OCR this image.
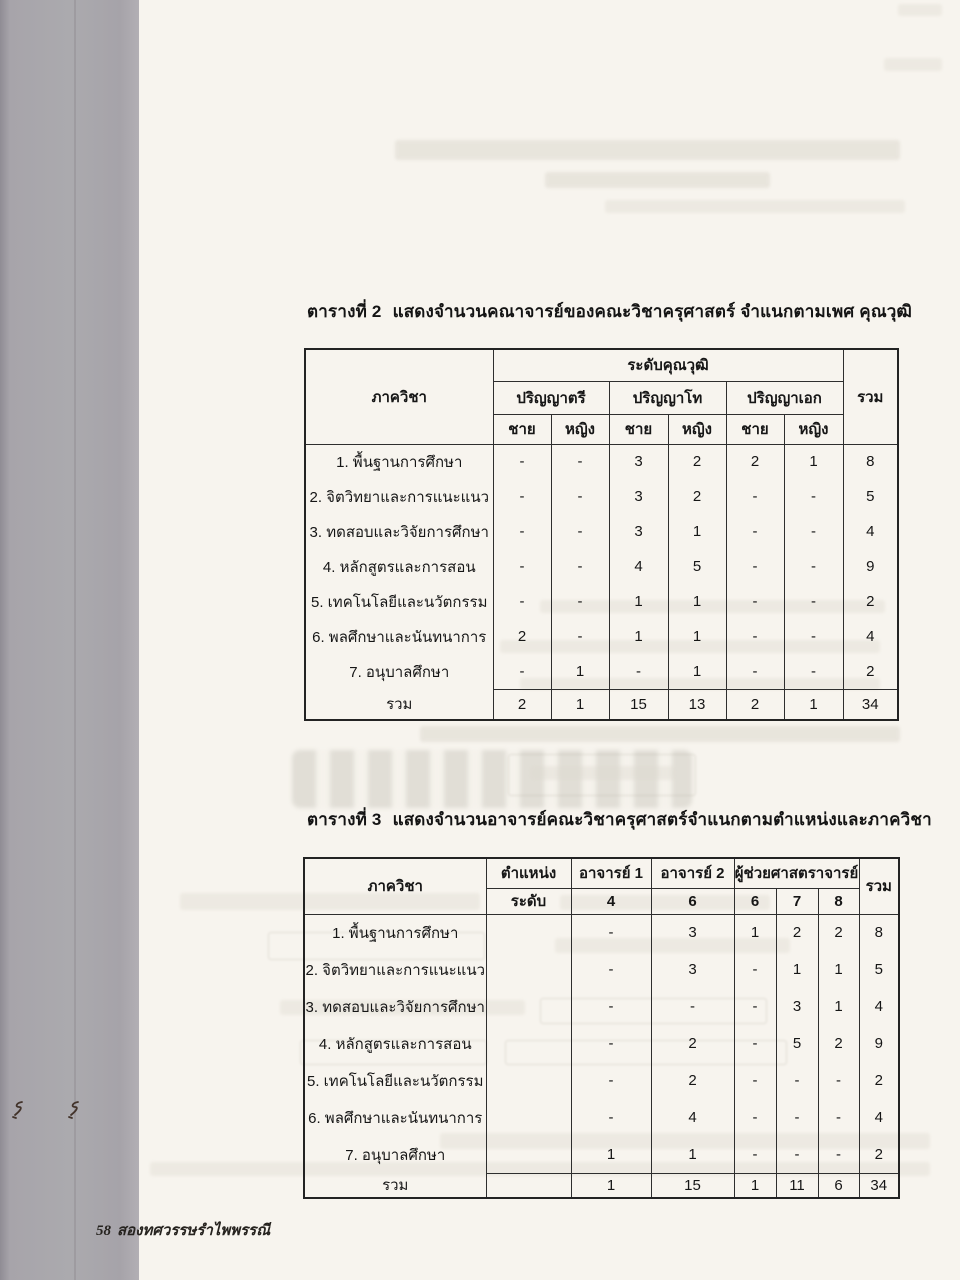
ตารางที่ 2 แสดงจำนวนคณาจารย์ของคณะวิชาครุศาสตร์ จำแนกตามเพศ คุณวุฒิ
ภาควิชา	ระดับคุณวุฒิ						รวม
	ปริญญาตรี		ปริญญาโท		ปริญญาเอก		
	ชาย	หญิง	ชาย	หญิง	ชาย	หญิง	
1. พื้นฐานการศึกษา	-	-	3	2	2	1	8
2. จิตวิทยาและการแนะแนว	-	-	3	2	-	-	5
3. ทดสอบและวิจัยการศึกษา	-	-	3	1	-	-	4
4. หลักสูตรและการสอน	-	-	4	5	-	-	9
5. เทคโนโลยีและนวัตกรรม	-	-	1	1	-	-	2
6. พลศึกษาและนันทนาการ	2	-	1	1	-	-	4
7. อนุบาลศึกษา	-	1	-	1	-	-	2
รวม	2	1	15	13	2	1	34
ตารางที่ 3 แสดงจำนวนอาจารย์คณะวิชาครุศาสตร์จำแนกตามตำแหน่งและภาควิชา
ภาควิชา	ตำแหน่ง	อาจารย์ 1	อาจารย์ 2	ผู้ช่วยศาสตราจารย์			รวม
	ระดับ	4	6	6	7	8	
1. พื้นฐานการศึกษา		-	3	1	2	2	8
2. จิตวิทยาและการแนะแนว		-	3	-	1	1	5
3. ทดสอบและวิจัยการศึกษา		-	-	-	3	1	4
4. หลักสูตรและการสอน		-	2	-	5	2	9
5. เทคโนโลยีและนวัตกรรม		-	2	-	-	-	2
6. พลศึกษาและนันทนาการ		-	4	-	-	-	4
7. อนุบาลศึกษา		1	1	-	-	-	2
รวม		1	15	1	11	6	34
58 สองทศวรรษรำไพพรรณี
